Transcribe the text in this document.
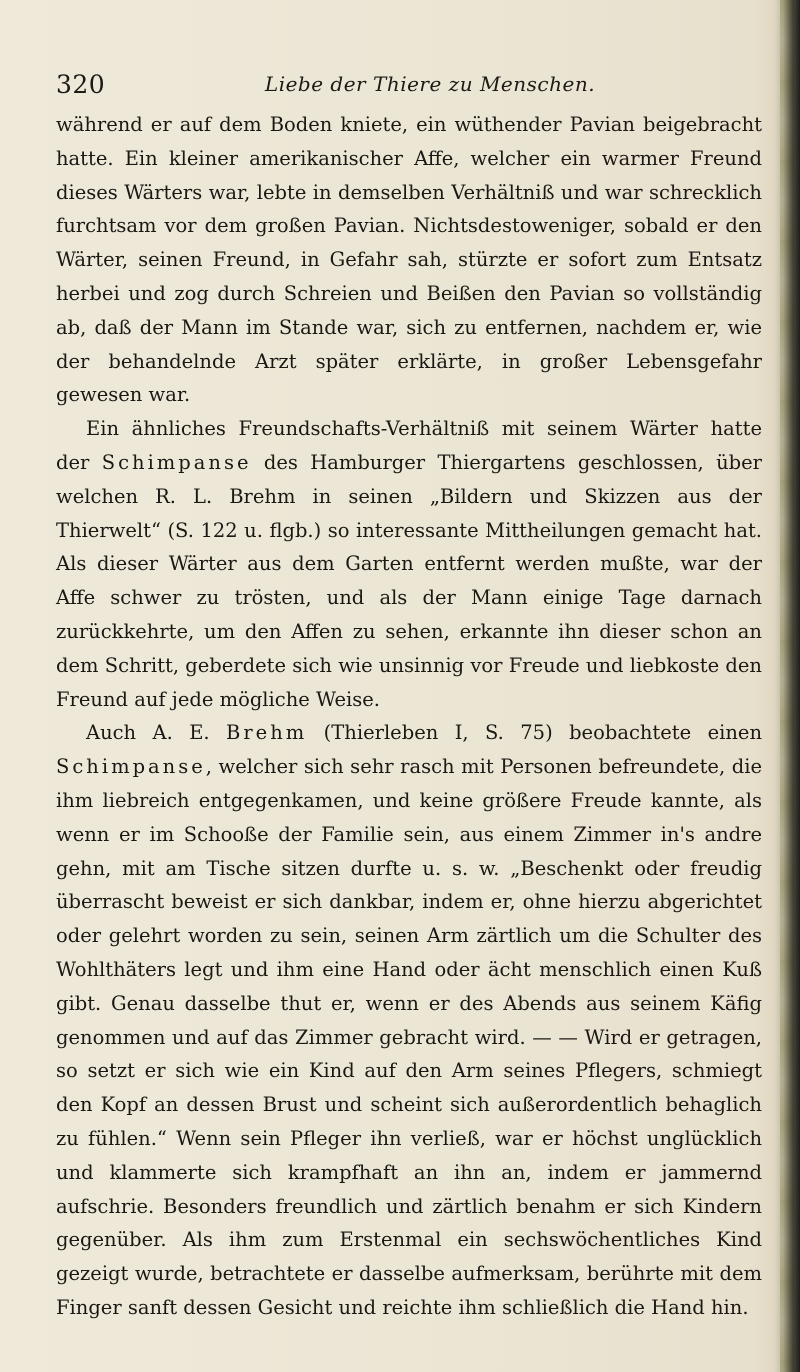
320	Liebe der Thiere zu Menschen.

während er auf dem Boden kniete, ein wüthender Pavian beigebracht hatte. Ein kleiner amerikanischer Affe, welcher ein warmer Freund dieses Wärters war, lebte in demselben Verhältniß und war schrecklich furchtsam vor dem großen Pavian. Nichtsdestoweniger, sobald er den Wärter, seinen Freund, in Gefahr sah, stürzte er sofort zum Entsatz herbei und zog durch Schreien und Beißen den Pavian so vollständig ab, daß der Mann im Stande war, sich zu entfernen, nachdem er, wie der behandelnde Arzt später erklärte, in großer Lebensgefahr gewesen war.

Ein ähnliches Freundschafts-Verhältniß mit seinem Wärter hatte der Schimpanse des Hamburger Thiergartens geschlossen, über welchen R. L. Brehm in seinen „Bildern und Skizzen aus der Thierwelt“ (S. 122 u. flgb.) so interessante Mittheilungen gemacht hat. Als dieser Wärter aus dem Garten entfernt werden mußte, war der Affe schwer zu trösten, und als der Mann einige Tage darnach zurückkehrte, um den Affen zu sehen, erkannte ihn dieser schon an dem Schritt, geberdete sich wie unsinnig vor Freude und liebkoste den Freund auf jede mögliche Weise.

Auch A. E. Brehm (Thierleben I, S. 75) beobachtete einen Schimpanse, welcher sich sehr rasch mit Personen befreundete, die ihm liebreich entgegenkamen, und keine größere Freude kannte, als wenn er im Schooße der Familie sein, aus einem Zimmer in's andre gehn, mit am Tische sitzen durfte u. s. w. „Beschenkt oder freudig überrascht beweist er sich dankbar, indem er, ohne hierzu abgerichtet oder gelehrt worden zu sein, seinen Arm zärtlich um die Schulter des Wohlthäters legt und ihm eine Hand oder ächt menschlich einen Kuß gibt. Genau dasselbe thut er, wenn er des Abends aus seinem Käfig genommen und auf das Zimmer gebracht wird. — — Wird er getragen, so setzt er sich wie ein Kind auf den Arm seines Pflegers, schmiegt den Kopf an dessen Brust und scheint sich außerordentlich behaglich zu fühlen.“ Wenn sein Pfleger ihn verließ, war er höchst unglücklich und klammerte sich krampfhaft an ihn an, indem er jammernd aufschrie. Besonders freundlich und zärtlich benahm er sich Kindern gegenüber. Als ihm zum Erstenmal ein sechswöchentliches Kind gezeigt wurde, betrachtete er dasselbe aufmerksam, berührte mit dem Finger sanft dessen Gesicht und reichte ihm schließlich die Hand hin.
